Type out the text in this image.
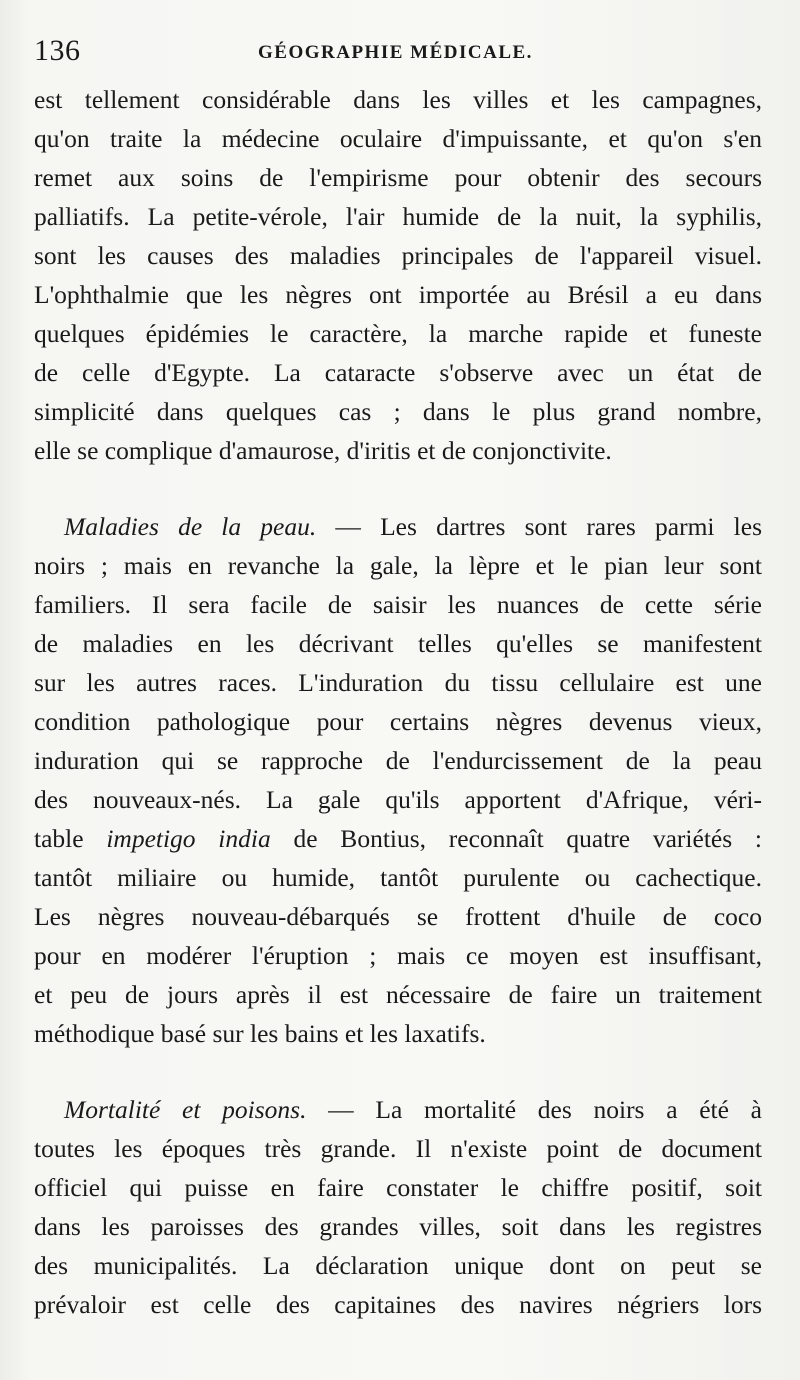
136	GÉOGRAPHIE MÉDICALE.
est tellement considérable dans les villes et les campagnes,
qu'on traite la médecine oculaire d'impuissante, et qu'on s'en
remet aux soins de l'empirisme pour obtenir des secours
palliatifs. La petite-vérole, l'air humide de la nuit, la syphilis,
sont les causes des maladies principales de l'appareil visuel.
L'ophthalmie que les nègres ont importée au Brésil a eu dans
quelques épidémies le caractère, la marche rapide et funeste
de celle d'Egypte. La cataracte s'observe avec un état de
simplicité dans quelques cas ; dans le plus grand nombre,
elle se complique d'amaurose, d'iritis et de conjonctivite.
Maladies de la peau. — Les dartres sont rares parmi les
noirs ; mais en revanche la gale, la lèpre et le pian leur sont
familiers. Il sera facile de saisir les nuances de cette série
de maladies en les décrivant telles qu'elles se manifestent
sur les autres races. L'induration du tissu cellulaire est une
condition pathologique pour certains nègres devenus vieux,
induration qui se rapproche de l'endurcissement de la peau
des nouveaux-nés. La gale qu'ils apportent d'Afrique, véri-
table impetigo india de Bontius, reconnaît quatre variétés :
tantôt miliaire ou humide, tantôt purulente ou cachectique.
Les nègres nouveau-débarqués se frottent d'huile de coco
pour en modérer l'éruption ; mais ce moyen est insuffisant,
et peu de jours après il est nécessaire de faire un traitement
méthodique basé sur les bains et les laxatifs.
Mortalité et poisons. — La mortalité des noirs a été à
toutes les époques très grande. Il n'existe point de document
officiel qui puisse en faire constater le chiffre positif, soit
dans les paroisses des grandes villes, soit dans les registres
des municipalités. La déclaration unique dont on peut se
prévaloir est celle des capitaines des navires négriers lors
